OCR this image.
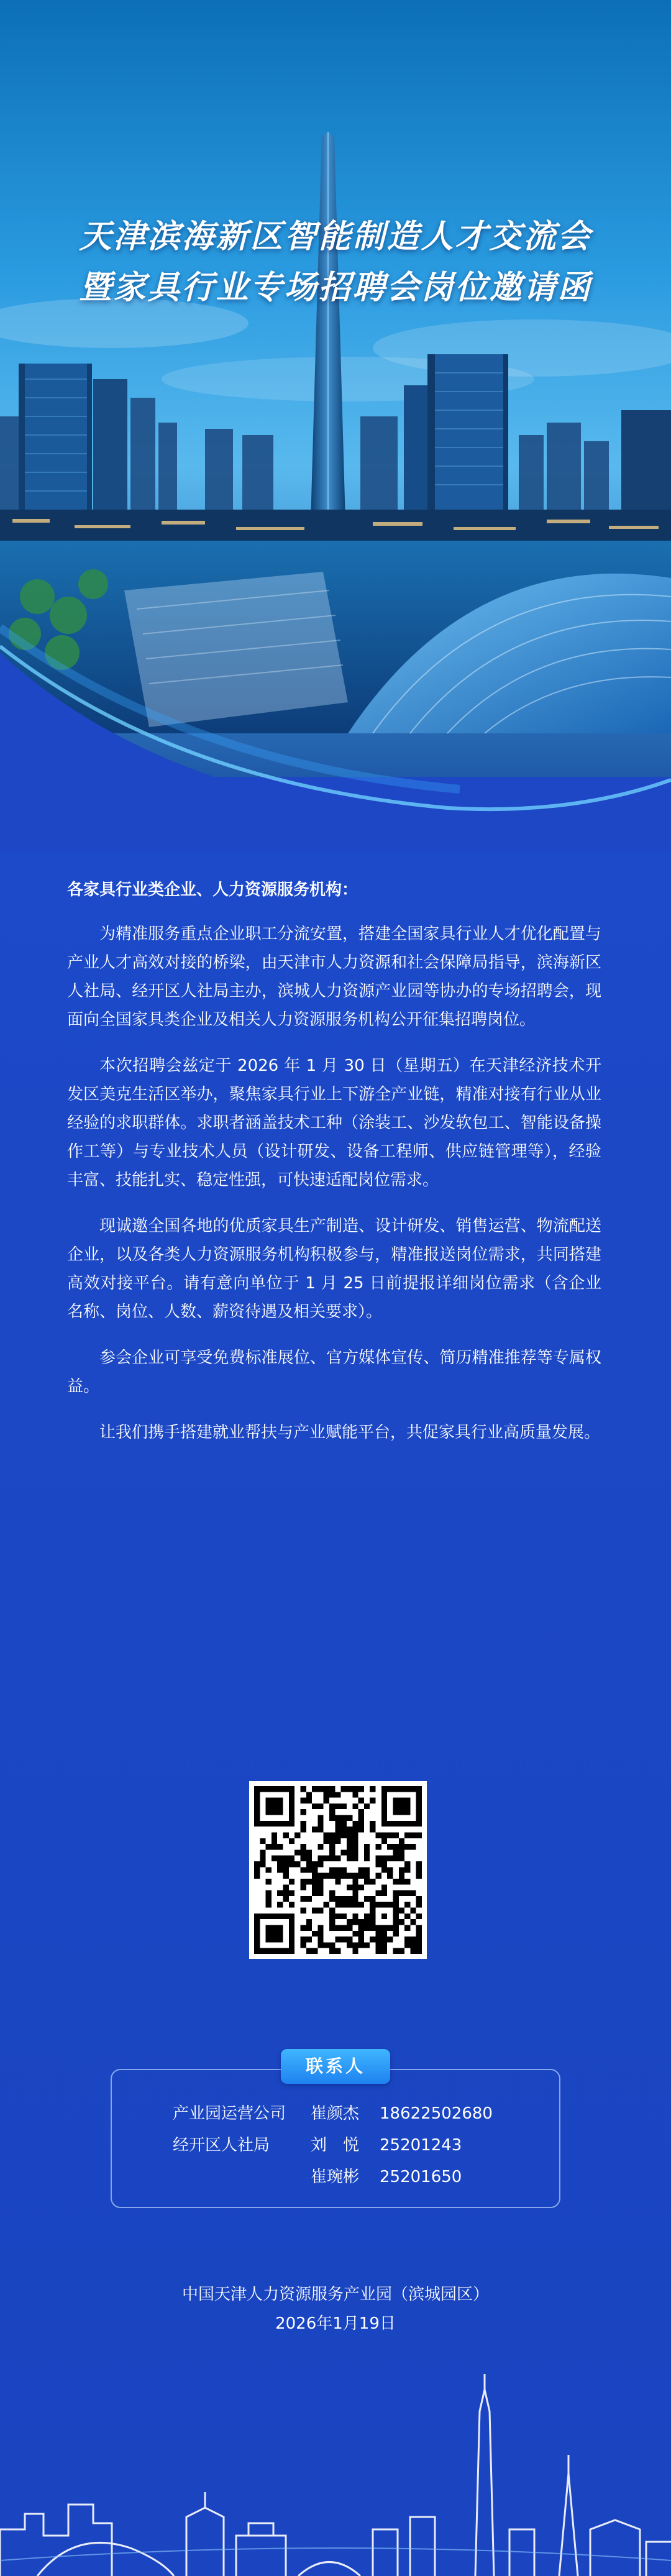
天津滨海新区智能制造人才交流会
暨家具行业专场招聘会岗位邀请函
各家具行业类企业、人力资源服务机构：

为精准服务重点企业职工分流安置，搭建全国家具行业人才优化配置与产业人才高效对接的桥梁，由天津市人力资源和社会保障局指导，滨海新区人社局、经开区人社局主办，滨城人力资源产业园等协办的专场招聘会，现面向全国家具类企业及相关人力资源服务机构公开征集招聘岗位。

本次招聘会兹定于 2026 年 1 月 30 日（星期五）在天津经济技术开发区美克生活区举办，聚焦家具行业上下游全产业链，精准对接有行业从业经验的求职群体。求职者涵盖技术工种（涂装工、沙发软包工、智能设备操作工等）与专业技术人员（设计研发、设备工程师、供应链管理等），经验丰富、技能扎实、稳定性强，可快速适配岗位需求。

现诚邀全国各地的优质家具生产制造、设计研发、销售运营、物流配送企业，以及各类人力资源服务机构积极参与，精准报送岗位需求，共同搭建高效对接平台。请有意向单位于 1 月 25 日前提报详细岗位需求（含企业名称、岗位、人数、薪资待遇及相关要求）。

参会企业可享受免费标准展位、官方媒体宣传、简历精准推荐等专属权益。

让我们携手搭建就业帮扶与产业赋能平台，共促家具行业高质量发展。

联系人
产业园运营公司 崔颜杰 18622502680
经开区人社局	刘　悦 25201243
崔琬彬 25201650
中国天津人力资源服务产业园（滨城园区）
2026年1月19日
